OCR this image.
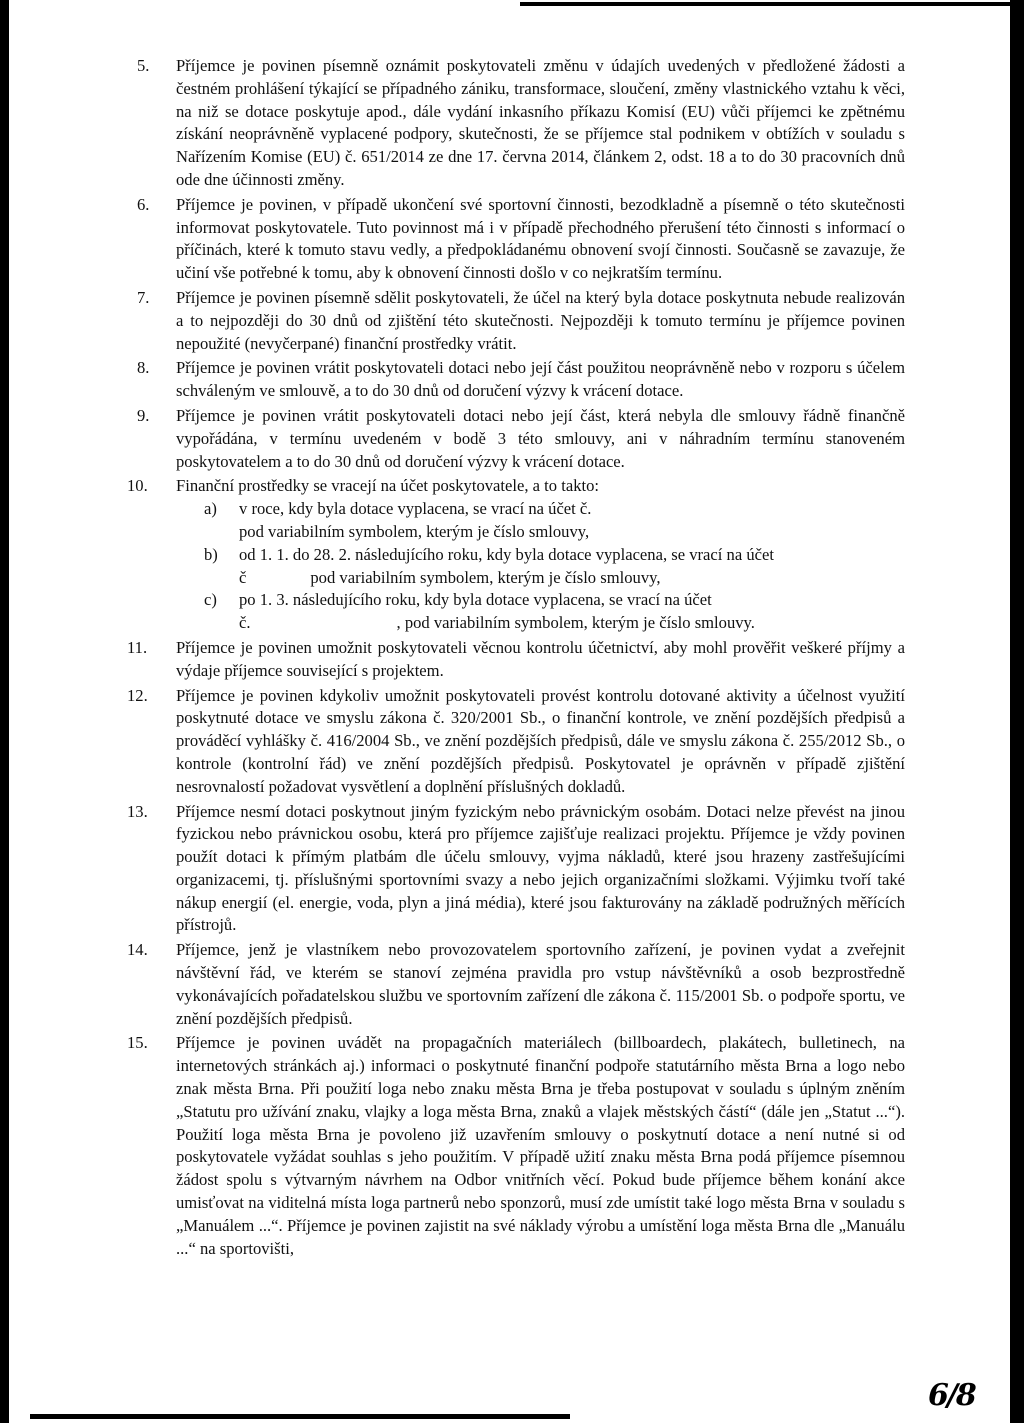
5.	Příjemce je povinen písemně oznámit poskytovateli změnu v údajích uvedených v předložené žádosti a čestném prohlášení týkající se případného zániku, transformace, sloučení, změny vlastnického vztahu k věci, na niž se dotace poskytuje apod., dále vydání inkasního příkazu Komisí (EU) vůči příjemci ke zpětnému získání neoprávněně vyplacené podpory, skutečnosti, že se příjemce stal podnikem v obtížích v souladu s Nařízením Komise (EU) č. 651/2014 ze dne 17. června 2014, článkem 2, odst. 18 a to do 30 pracovních dnů ode dne účinnosti změny.
6.	Příjemce je povinen, v případě ukončení své sportovní činnosti, bezodkladně a písemně o této skutečnosti informovat poskytovatele. Tuto povinnost má i v případě přechodného přerušení této činnosti s informací o příčinách, které k tomuto stavu vedly, a předpokládanému obnovení svojí činnosti. Současně se zavazuje, že učiní vše potřebné k tomu, aby k obnovení činnosti došlo v co nejkratším termínu.
7.	Příjemce je povinen písemně sdělit poskytovateli, že účel na který byla dotace poskytnuta nebude realizován a to nejpozději do 30 dnů od zjištění této skutečnosti. Nejpozději k tomuto termínu je příjemce povinen nepoužité (nevyčerpané) finanční prostředky vrátit.
8.	Příjemce je povinen vrátit poskytovateli dotaci nebo její část použitou neoprávněně nebo v rozporu s účelem schváleným ve smlouvě, a to do 30 dnů od doručení výzvy k vrácení dotace.
9.	Příjemce je povinen vrátit poskytovateli dotaci nebo její část, která nebyla dle smlouvy řádně finančně vypořádána, v termínu uvedeném v bodě 3 této smlouvy, ani v náhradním termínu stanoveném poskytovatelem a to do 30 dnů od doručení výzvy k vrácení dotace.
10.	Finanční prostředky se vracejí na účet poskytovatele, a to takto:
a) v roce, kdy byla dotace vyplacena, se vrací na účet č.
pod variabilním symbolem, kterým je číslo smlouvy,
b) od 1. 1. do 28. 2. následujícího roku, kdy byla dotace vyplacena, se vrací na účet
č	pod variabilním symbolem, kterým je číslo smlouvy,
c) po 1. 3. následujícího roku, kdy byla dotace vyplacena, se vrací na účet
č.	, pod variabilním symbolem, kterým je číslo smlouvy.
11.	Příjemce je povinen umožnit poskytovateli věcnou kontrolu účetnictví, aby mohl prověřit veškeré příjmy a výdaje příjemce související s projektem.
12.	Příjemce je povinen kdykoliv umožnit poskytovateli provést kontrolu dotované aktivity a účelnost využití poskytnuté dotace ve smyslu zákona č. 320/2001 Sb., o finanční kontrole, ve znění pozdějších předpisů a prováděcí vyhlášky č. 416/2004 Sb., ve znění pozdějších předpisů, dále ve smyslu zákona č. 255/2012 Sb., o kontrole (kontrolní řád) ve znění pozdějších předpisů. Poskytovatel je oprávněn v případě zjištění nesrovnalostí požadovat vysvětlení a doplnění příslušných dokladů.
13.	Příjemce nesmí dotaci poskytnout jiným fyzickým nebo právnickým osobám. Dotaci nelze převést na jinou fyzickou nebo právnickou osobu, která pro příjemce zajišťuje realizaci projektu. Příjemce je vždy povinen použít dotaci k přímým platbám dle účelu smlouvy, vyjma nákladů, které jsou hrazeny zastřešujícími organizacemi, tj. příslušnými sportovními svazy a nebo jejich organizačními složkami. Výjimku tvoří také nákup energií (el. energie, voda, plyn a jiná média), které jsou fakturovány na základě podružných měřících přístrojů.
14.	Příjemce, jenž je vlastníkem nebo provozovatelem sportovního zařízení, je povinen vydat a zveřejnit návštěvní řád, ve kterém se stanoví zejména pravidla pro vstup návštěvníků a osob bezprostředně vykonávajících pořadatelskou službu ve sportovním zařízení dle zákona č. 115/2001 Sb. o podpoře sportu, ve znění pozdějších předpisů.
15.	Příjemce je povinen uvádět na propagačních materiálech (billboardech, plakátech, bulletinech, na internetových stránkách aj.) informaci o poskytnuté finanční podpoře statutárního města Brna a logo nebo znak města Brna. Při použití loga nebo znaku města Brna je třeba postupovat v souladu s úplným zněním „Statutu pro užívání znaku, vlajky a loga města Brna, znaků a vlajek městských částí“ (dále jen „Statut ...“). Použití loga města Brna je povoleno již uzavřením smlouvy o poskytnutí dotace a není nutné si od poskytovatele vyžádat souhlas s jeho použitím. V případě užití znaku města Brna podá příjemce písemnou žádost spolu s výtvarným návrhem na Odbor vnitřních věcí. Pokud bude příjemce během konání akce umisťovat na viditelná místa loga partnerů nebo sponzorů, musí zde umístit také logo města Brna v souladu s „Manuálem ...“. Příjemce je povinen zajistit na své náklady výrobu a umístění loga města Brna dle „Manuálu ...“ na sportovišti,
6/8
